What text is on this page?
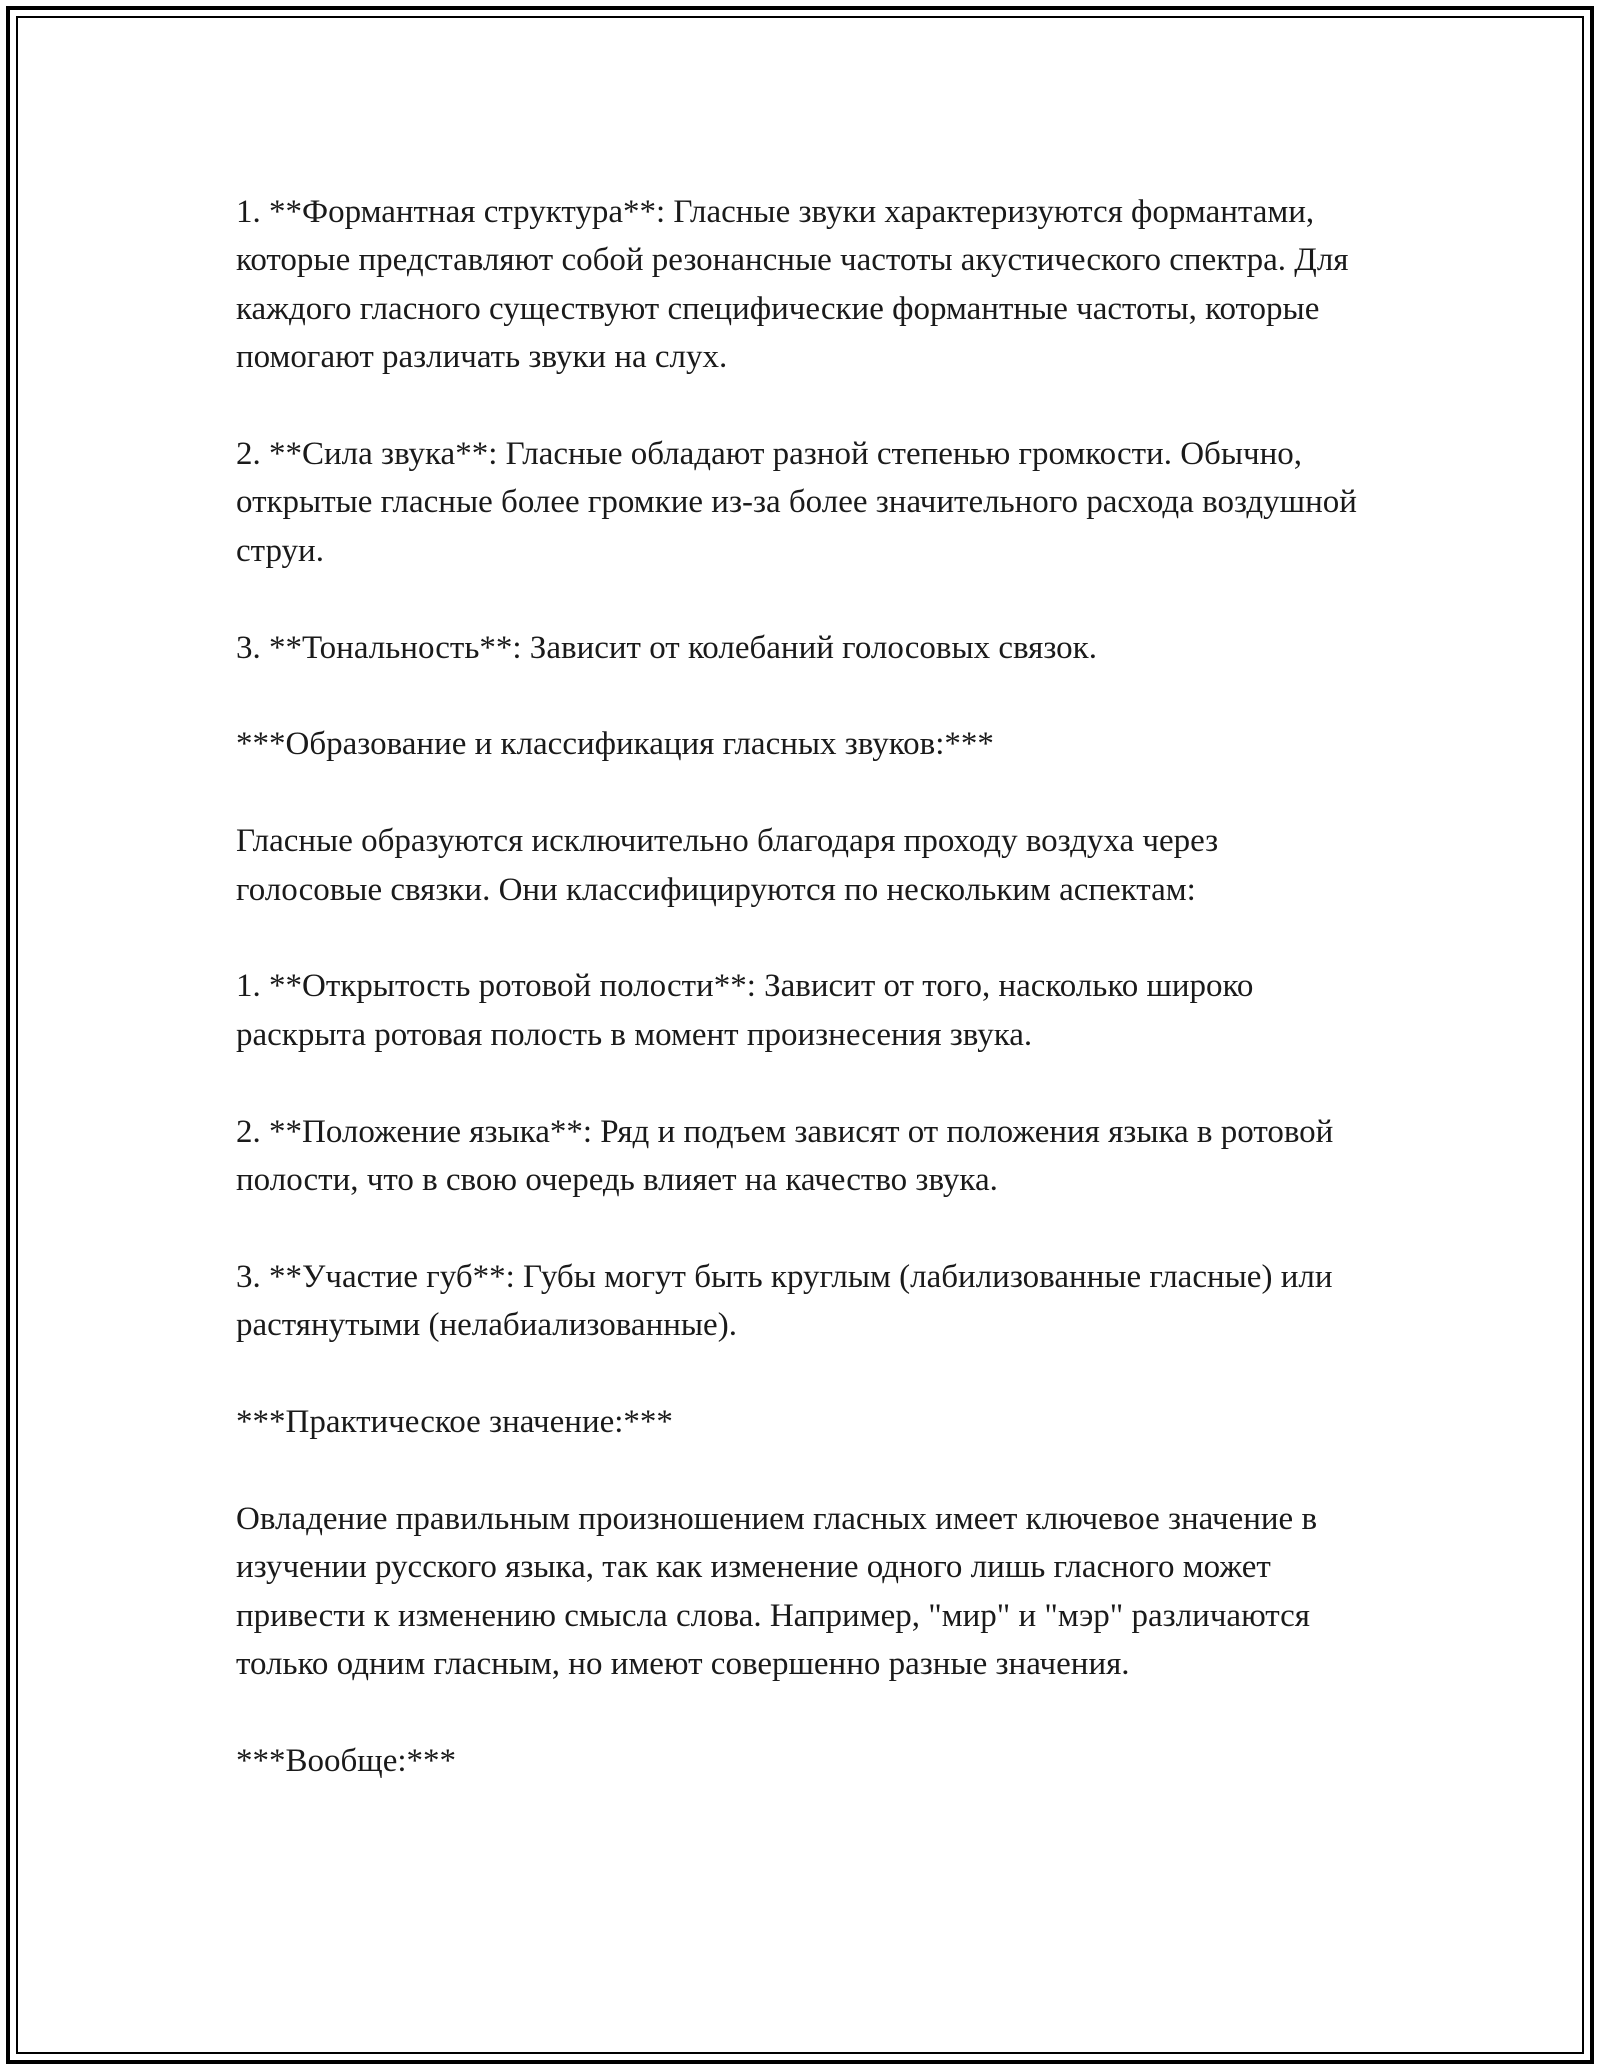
1. **Формантная структура**: Гласные звуки характеризуются формантами, которые представляют собой резонансные частоты акустического спектра. Для каждого гласного существуют специфические формантные частоты, которые помогают различать звуки на слух.

2. **Сила звука**: Гласные обладают разной степенью громкости. Обычно, открытые гласные более громкие из-за более значительного расхода воздушной струи.

3. **Тональность**: Зависит от колебаний голосовых связок.

***Образование и классификация гласных звуков:***

Гласные образуются исключительно благодаря проходу воздуха через голосовые связки. Они классифицируются по нескольким аспектам:

1. **Открытость ротовой полости**: Зависит от того, насколько широко раскрыта ротовая полость в момент произнесения звука.

2. **Положение языка**: Ряд и подъем зависят от положения языка в ротовой полости, что в свою очередь влияет на качество звука.

3. **Участие губ**: Губы могут быть круглым (лабилизованные гласные) или растянутыми (нелабиализованные).

***Практическое значение:***

Овладение правильным произношением гласных имеет ключевое значение в изучении русского языка, так как изменение одного лишь гласного может привести к изменению смысла слова. Например, "мир" и "мэр" различаются только одним гласным, но имеют совершенно разные значения.

***Вообще:***
